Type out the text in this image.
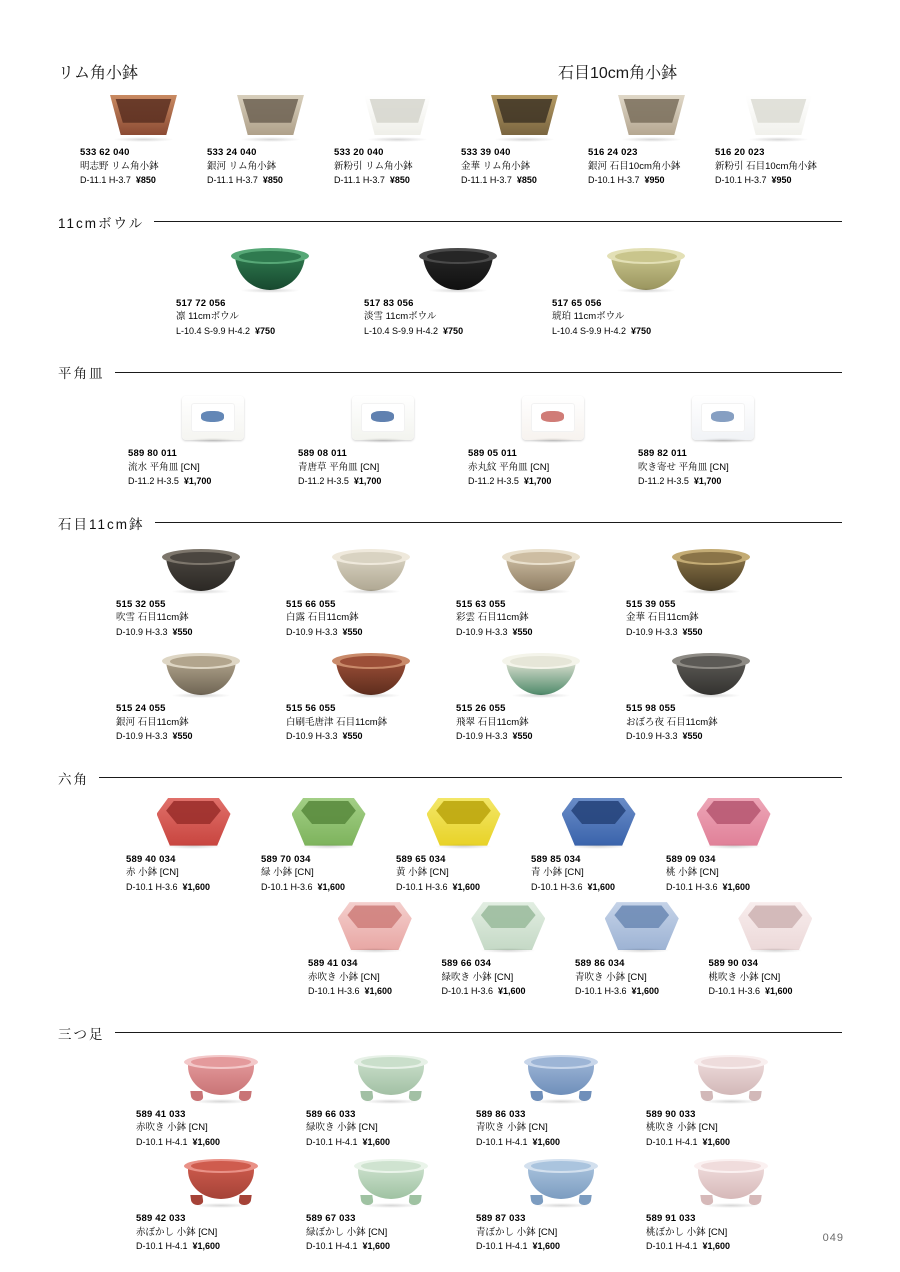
リム角小鉢	石目10cm角小鉢
533 62 040
明志野 リム角小鉢
D-11.1 H-3.7 ¥850
533 24 040
銀河 リム角小鉢
D-11.1 H-3.7 ¥850
533 20 040
新粉引 リム角小鉢
D-11.1 H-3.7 ¥850
533 39 040
金華 リム角小鉢
D-11.1 H-3.7 ¥850
516 24 023
銀河 石目10cm角小鉢
D-10.1 H-3.7 ¥950
516 20 023
新粉引 石目10cm角小鉢
D-10.1 H-3.7 ¥950
11cmボウル
517 72 056
凛 11cmボウル
L-10.4 S-9.9 H-4.2 ¥750
517 83 056
淡雪 11cmボウル
L-10.4 S-9.9 H-4.2 ¥750
517 65 056
琥珀 11cmボウル
L-10.4 S-9.9 H-4.2 ¥750
平角皿
589 80 011
流水 平角皿 [CN]
D-11.2 H-3.5 ¥1,700
589 08 011
青唐草 平角皿 [CN]
D-11.2 H-3.5 ¥1,700
589 05 011
赤丸紋 平角皿 [CN]
D-11.2 H-3.5 ¥1,700
589 82 011
吹き寄せ 平角皿 [CN]
D-11.2 H-3.5 ¥1,700
石目11cm鉢
515 32 055
吹雪 石目11cm鉢
D-10.9 H-3.3 ¥550
515 66 055
白露 石目11cm鉢
D-10.9 H-3.3 ¥550
515 63 055
彩雲 石目11cm鉢
D-10.9 H-3.3 ¥550
515 39 055
金華 石目11cm鉢
D-10.9 H-3.3 ¥550
515 24 055
銀河 石目11cm鉢
D-10.9 H-3.3 ¥550
515 56 055
白刷毛唐津 石目11cm鉢
D-10.9 H-3.3 ¥550
515 26 055
飛翠 石目11cm鉢
D-10.9 H-3.3 ¥550
515 98 055
おぼろ夜 石目11cm鉢
D-10.9 H-3.3 ¥550
六角
589 40 034
赤 小鉢 [CN]
D-10.1 H-3.6 ¥1,600
589 70 034
緑 小鉢 [CN]
D-10.1 H-3.6 ¥1,600
589 65 034
黄 小鉢 [CN]
D-10.1 H-3.6 ¥1,600
589 85 034
青 小鉢 [CN]
D-10.1 H-3.6 ¥1,600
589 09 034
桃 小鉢 [CN]
D-10.1 H-3.6 ¥1,600
589 41 034
赤吹き 小鉢 [CN]
D-10.1 H-3.6 ¥1,600
589 66 034
緑吹き 小鉢 [CN]
D-10.1 H-3.6 ¥1,600
589 86 034
青吹き 小鉢 [CN]
D-10.1 H-3.6 ¥1,600
589 90 034
桃吹き 小鉢 [CN]
D-10.1 H-3.6 ¥1,600
三つ足
589 41 033
赤吹き 小鉢 [CN]
D-10.1 H-4.1 ¥1,600
589 66 033
緑吹き 小鉢 [CN]
D-10.1 H-4.1 ¥1,600
589 86 033
青吹き 小鉢 [CN]
D-10.1 H-4.1 ¥1,600
589 90 033
桃吹き 小鉢 [CN]
D-10.1 H-4.1 ¥1,600
589 42 033
赤ぼかし 小鉢 [CN]
D-10.1 H-4.1 ¥1,600
589 67 033
緑ぼかし 小鉢 [CN]
D-10.1 H-4.1 ¥1,600
589 87 033
青ぼかし 小鉢 [CN]
D-10.1 H-4.1 ¥1,600
589 91 033
桃ぼかし 小鉢 [CN]
D-10.1 H-4.1 ¥1,600
049
